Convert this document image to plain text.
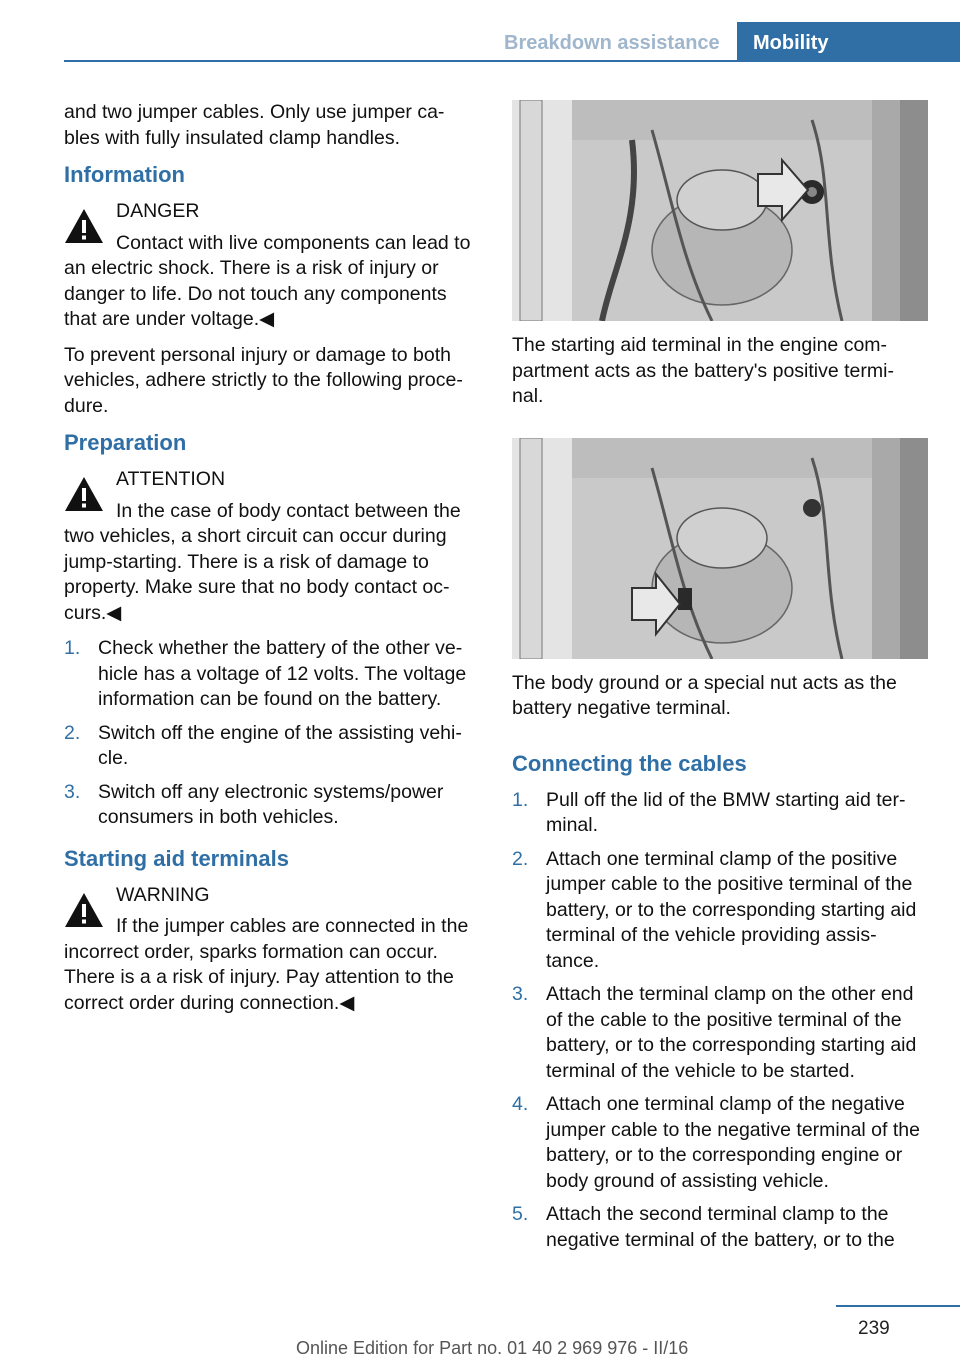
Breakdown assistance	Mobility

and two jumper cables. Only use jumper ca‐ bles with fully insulated clamp handles.

Information
DANGER
Contact with live components can lead to an electric shock. There is a risk of injury or danger to life. Do not touch any components that are under voltage.◀

To prevent personal injury or damage to both vehicles, adhere strictly to the following proce‐ dure.

Preparation
ATTENTION
In the case of body contact between the two vehicles, a short circuit can occur during jump-starting. There is a risk of damage to property. Make sure that no body contact oc‐ curs.◀
1. Check whether the battery of the other ve‐ hicle has a voltage of 12 volts. The voltage information can be found on the battery.
2. Switch off the engine of the assisting vehi‐ cle.
3. Switch off any electronic systems/power consumers in both vehicles.
Starting aid terminals
WARNING
If the jumper cables are connected in the incorrect order, sparks formation can occur. There is a a risk of injury. Pay attention to the correct order during connection.◀

The starting aid terminal in the engine com‐ partment acts as the battery's positive termi‐ nal.

The body ground or a special nut acts as the battery negative terminal.

Connecting the cables
1. Pull off the lid of the BMW starting aid ter‐ minal.
2. Attach one terminal clamp of the positive jumper cable to the positive terminal of the battery, or to the corresponding starting aid terminal of the vehicle providing assis‐ tance.
3. Attach the terminal clamp on the other end of the cable to the positive terminal of the battery, or to the corresponding starting aid terminal of the vehicle to be started.
4. Attach one terminal clamp of the negative jumper cable to the negative terminal of the battery, or to the corresponding engine or body ground of assisting vehicle.
5. Attach the second terminal clamp to the negative terminal of the battery, or to the
239
Online Edition for Part no. 01 40 2 969 976 - II/16
